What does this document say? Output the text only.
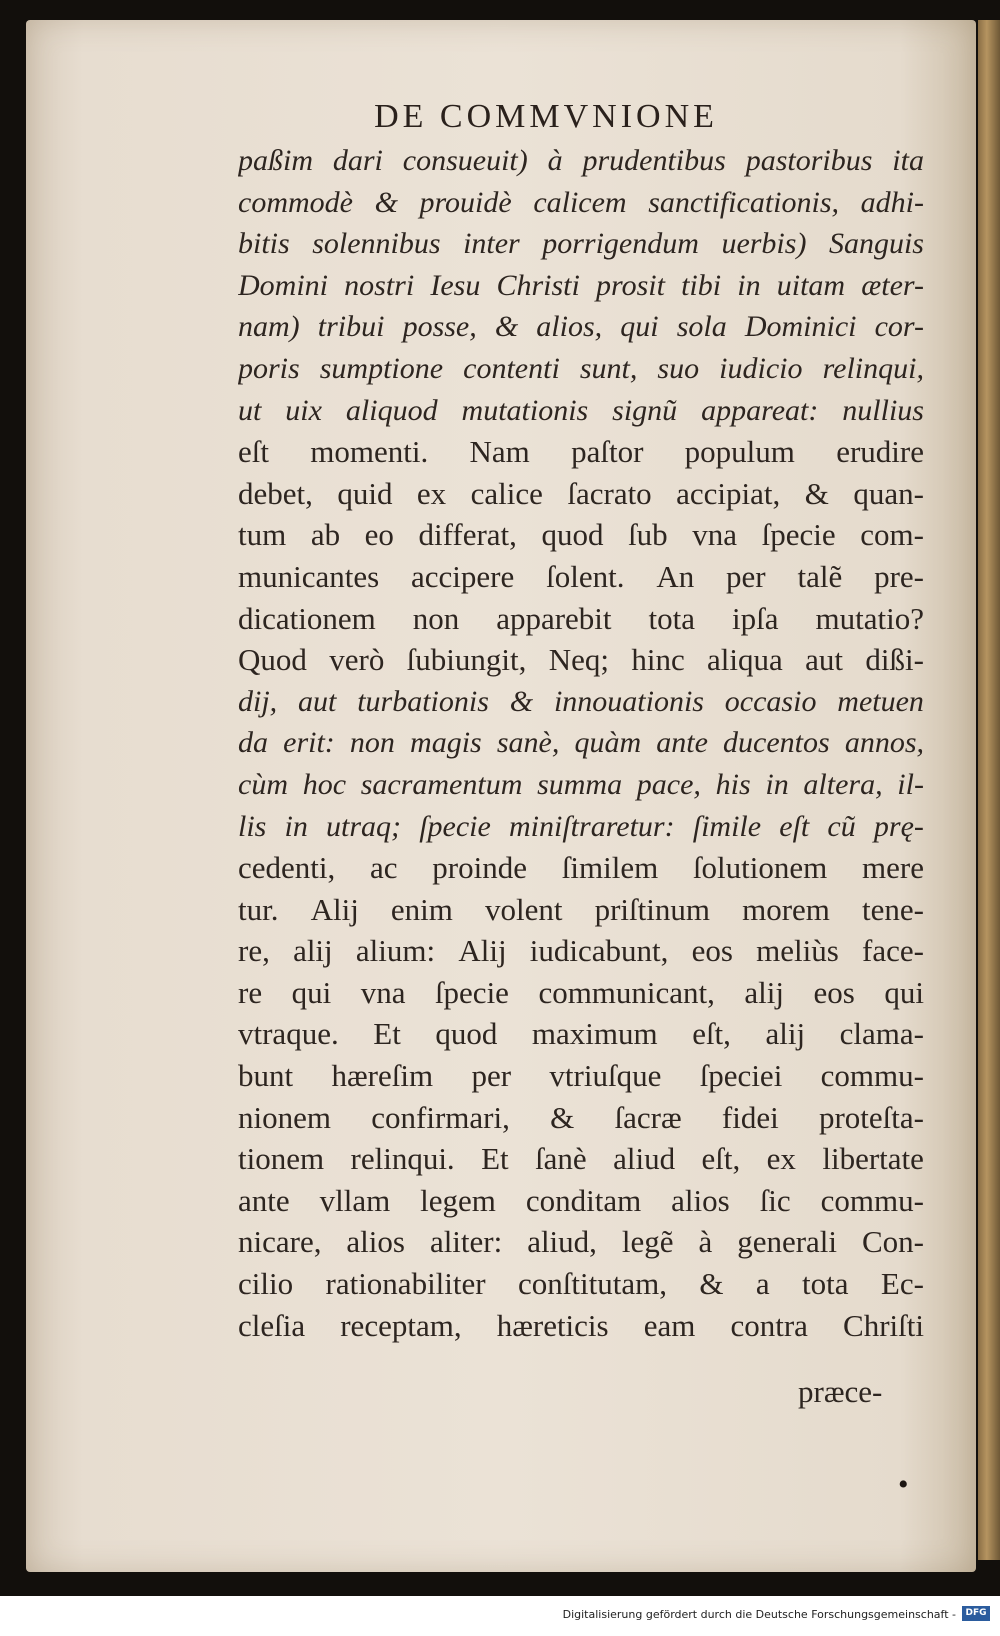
DE COMMVNIONE
paßim dari consueuit) à prudentibus pastoribus ita
commodè & prouidè calicem sanctificationis, adhi-
bitis solennibus inter porrigendum uerbis) Sanguis
Domini nostri Iesu Christi prosit tibi in uitam æter-
nam) tribui posse, & alios, qui sola Dominici cor-
poris sumptione contenti sunt, suo iudicio relinqui,
ut uix aliquod mutationis signũ appareat: nullius
eſt momenti. Nam paſtor populum erudire
debet, quid ex calice ſacrato accipiat, & quan-
tum ab eo differat, quod ſub vna ſpecie com-
municantes accipere ſolent. An per talẽ pre-
dicationem non apparebit tota ipſa mutatio?
Quod verò ſubiungit, Neq; hinc aliqua aut dißi-
dij, aut turbationis & innouationis occasio metuen
da erit: non magis sanè, quàm ante ducentos annos,
cùm hoc sacramentum summa pace, his in altera, il-
lis in utraq; ſpecie miniſtraretur: ſimile eſt cũ prę-
cedenti, ac proinde ſimilem ſolutionem mere
tur. Alij enim volent priſtinum morem tene-
re, alij alium: Alij iudicabunt, eos meliùs face-
re qui vna ſpecie communicant, alij eos qui
vtraque. Et quod maximum eſt, alij clama-
bunt hæreſim per vtriuſque ſpeciei commu-
nionem confirmari, & ſacræ fidei proteſta-
tionem relinqui. Et ſanè aliud eſt, ex libertate
ante vllam legem conditam alios ſic commu-
nicare, alios aliter: aliud, legẽ à generali Con-
cilio rationabiliter conſtitutam, & a tota Ec-
cleſia receptam, hæreticis eam contra Chriſti
præce-
•
Digitalisierung gefördert durch die Deutsche Forschungsgemeinschaft -	DFG
